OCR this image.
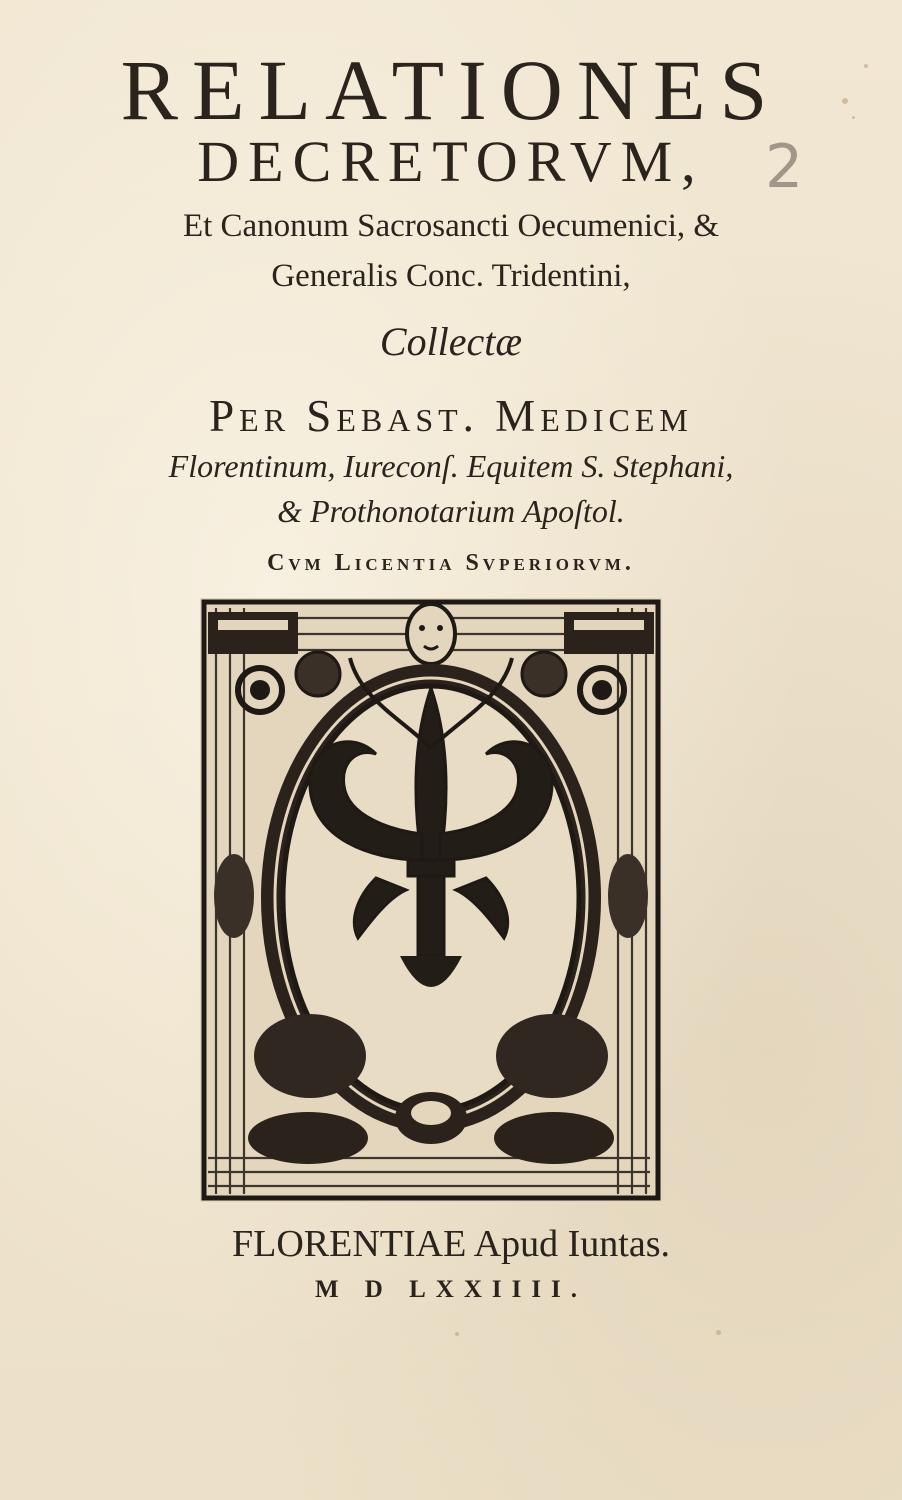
RELATIONES
DECRETORVM,	2
Et Canonum Sacrosancti Oecumenici, &
Generalis Conc. Tridentini,
Collectæ
Per Sebast. Medicem
Florentinum, Iureconſ. Equitem S. Stephani,
& Prothonotarium Apoſtol.
Cvm Licentia Svperiorvm.
FLORENTIAE Apud Iuntas.
M D LXXIIII.
